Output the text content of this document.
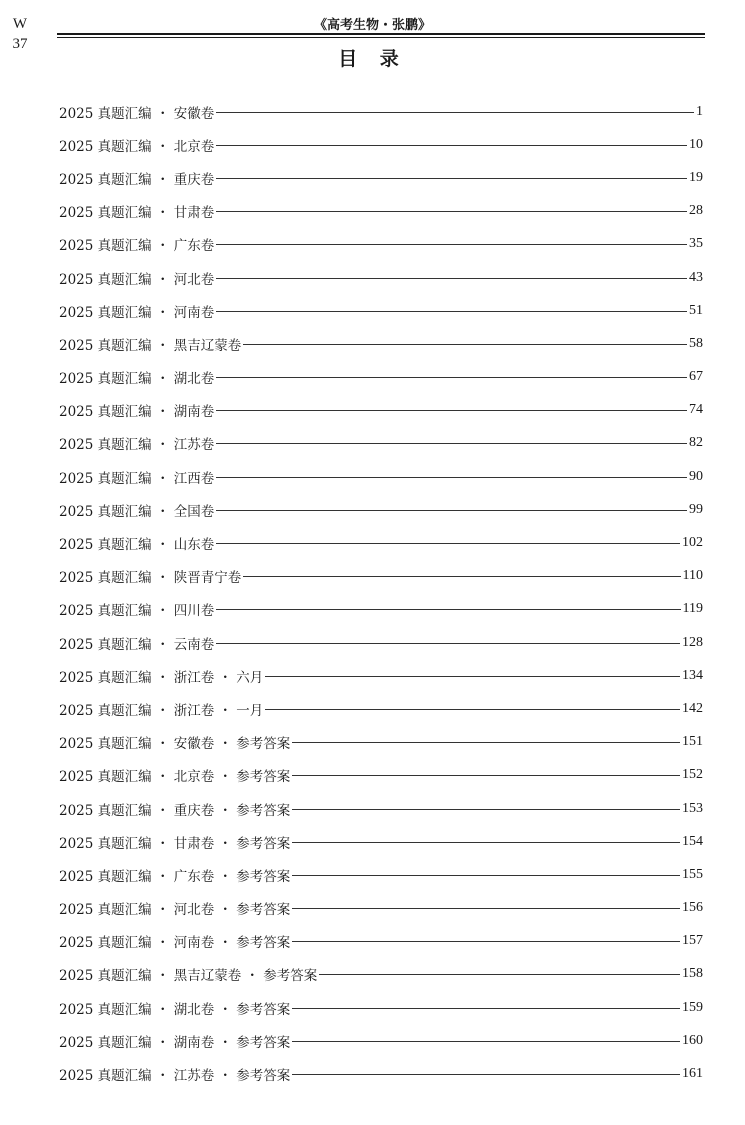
W
37
《高考生物・张鹏》
目 录
2025 真题汇编 ・ 安徽卷	1
2025 真题汇编 ・ 北京卷	10
2025 真题汇编 ・ 重庆卷	19
2025 真题汇编 ・ 甘肃卷	28
2025 真题汇编 ・ 广东卷	35
2025 真题汇编 ・ 河北卷	43
2025 真题汇编 ・ 河南卷	51
2025 真题汇编 ・ 黑吉辽蒙卷	58
2025 真题汇编 ・ 湖北卷	67
2025 真题汇编 ・ 湖南卷	74
2025 真题汇编 ・ 江苏卷	82
2025 真题汇编 ・ 江西卷	90
2025 真题汇编 ・ 全国卷	99
2025 真题汇编 ・ 山东卷	102
2025 真题汇编 ・ 陕晋青宁卷	110
2025 真题汇编 ・ 四川卷	119
2025 真题汇编 ・ 云南卷	128
2025 真题汇编 ・ 浙江卷 ・ 六月	134
2025 真题汇编 ・ 浙江卷 ・ 一月	142
2025 真题汇编 ・ 安徽卷 ・ 参考答案	151
2025 真题汇编 ・ 北京卷 ・ 参考答案	152
2025 真题汇编 ・ 重庆卷 ・ 参考答案	153
2025 真题汇编 ・ 甘肃卷 ・ 参考答案	154
2025 真题汇编 ・ 广东卷 ・ 参考答案	155
2025 真题汇编 ・ 河北卷 ・ 参考答案	156
2025 真题汇编 ・ 河南卷 ・ 参考答案	157
2025 真题汇编 ・ 黑吉辽蒙卷 ・ 参考答案	158
2025 真题汇编 ・ 湖北卷 ・ 参考答案	159
2025 真题汇编 ・ 湖南卷 ・ 参考答案	160
2025 真题汇编 ・ 江苏卷 ・ 参考答案	161
